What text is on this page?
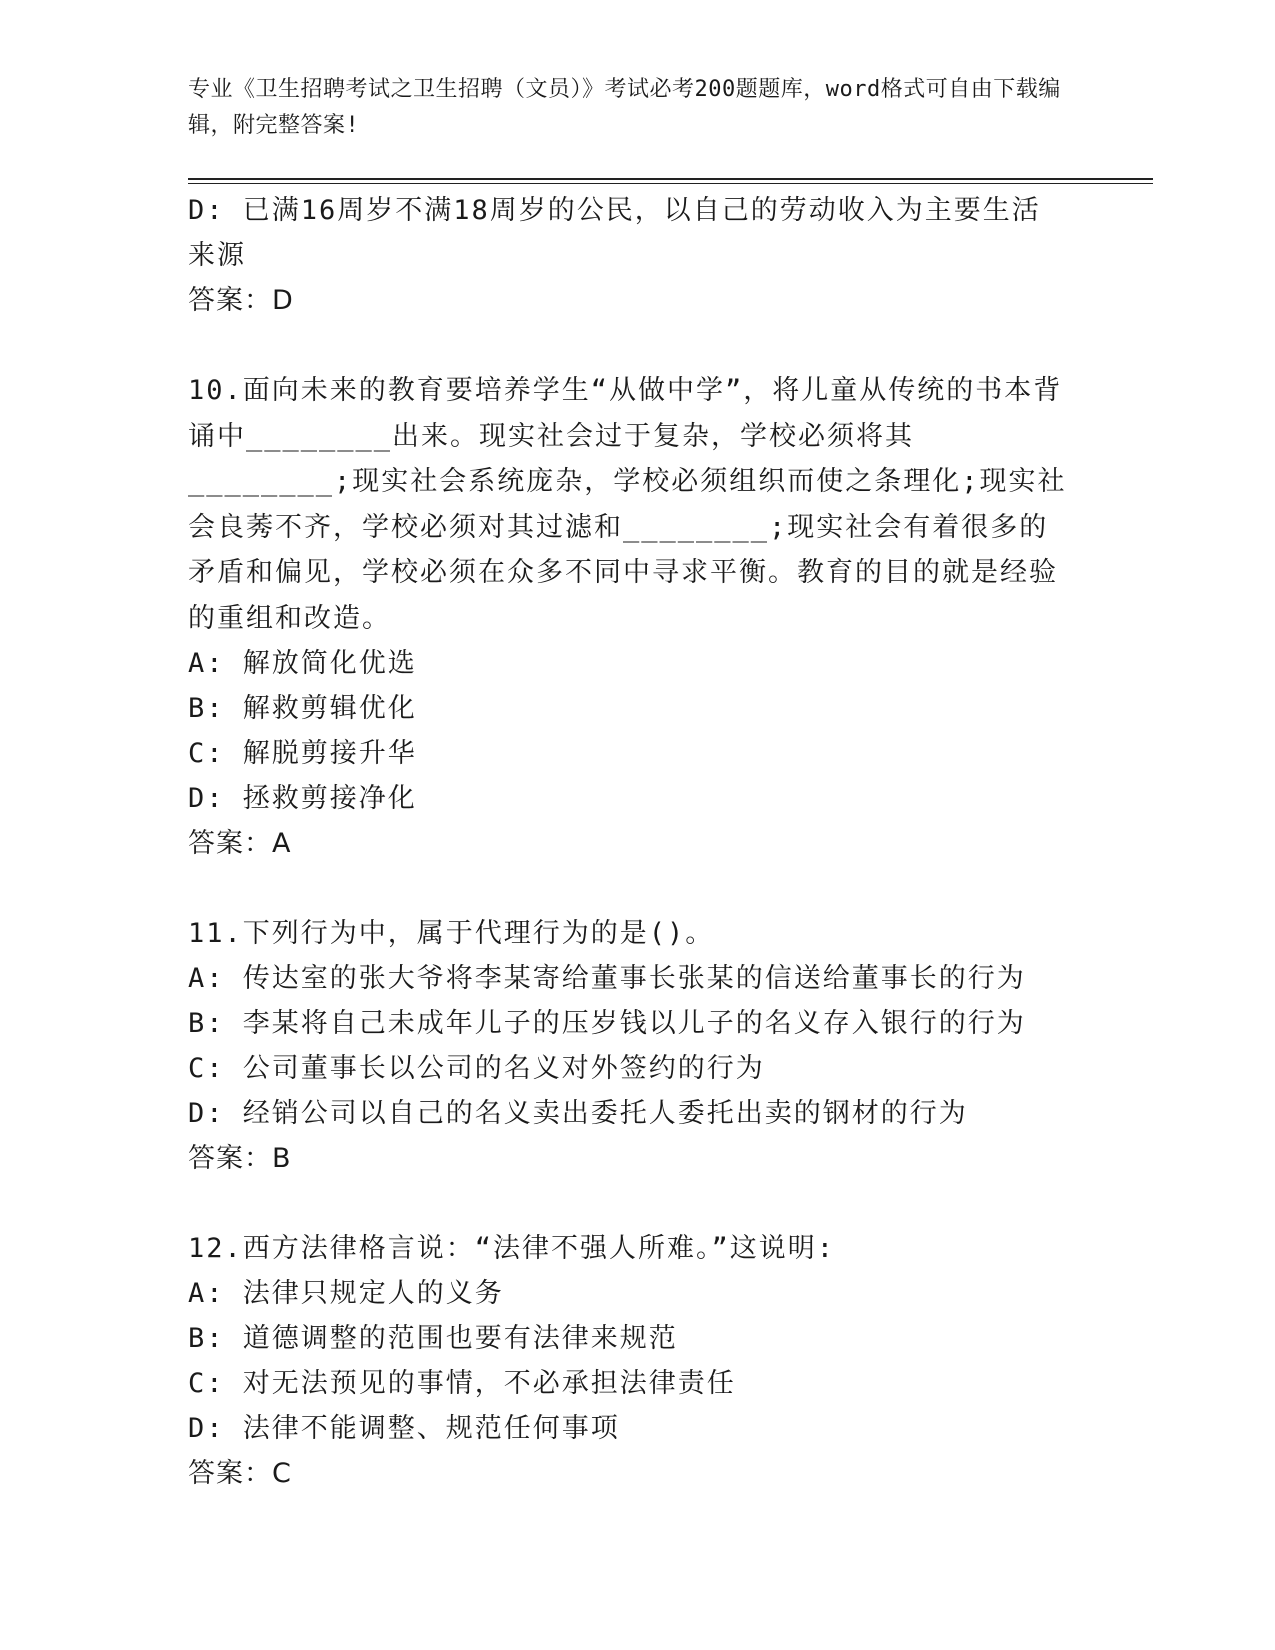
专业《卫生招聘考试之卫生招聘（文员）》考试必考200题题库，word格式可自由下载编辑，附完整答案!
D: 已满16周岁不满18周岁的公民，以自己的劳动收入为主要生活来源
答案：D
10.面向未来的教育要培养学生“从做中学”，将儿童从传统的书本背诵中________出来。现实社会过于复杂，学校必须将其________;现实社会系统庞杂，学校必须组织而使之条理化;现实社会良莠不齐，学校必须对其过滤和________;现实社会有着很多的矛盾和偏见，学校必须在众多不同中寻求平衡。教育的目的就是经验的重组和改造。
A: 解放简化优选
B: 解救剪辑优化
C: 解脱剪接升华
D: 拯救剪接净化
答案：A
11.下列行为中，属于代理行为的是()。
A: 传达室的张大爷将李某寄给董事长张某的信送给董事长的行为
B: 李某将自己未成年儿子的压岁钱以儿子的名义存入银行的行为
C: 公司董事长以公司的名义对外签约的行为
D: 经销公司以自己的名义卖出委托人委托出卖的钢材的行为
答案：B
12.西方法律格言说：“法律不强人所难。”这说明:
A: 法律只规定人的义务
B: 道德调整的范围也要有法律来规范
C: 对无法预见的事情，不必承担法律责任
D: 法律不能调整、规范任何事项
答案：C
